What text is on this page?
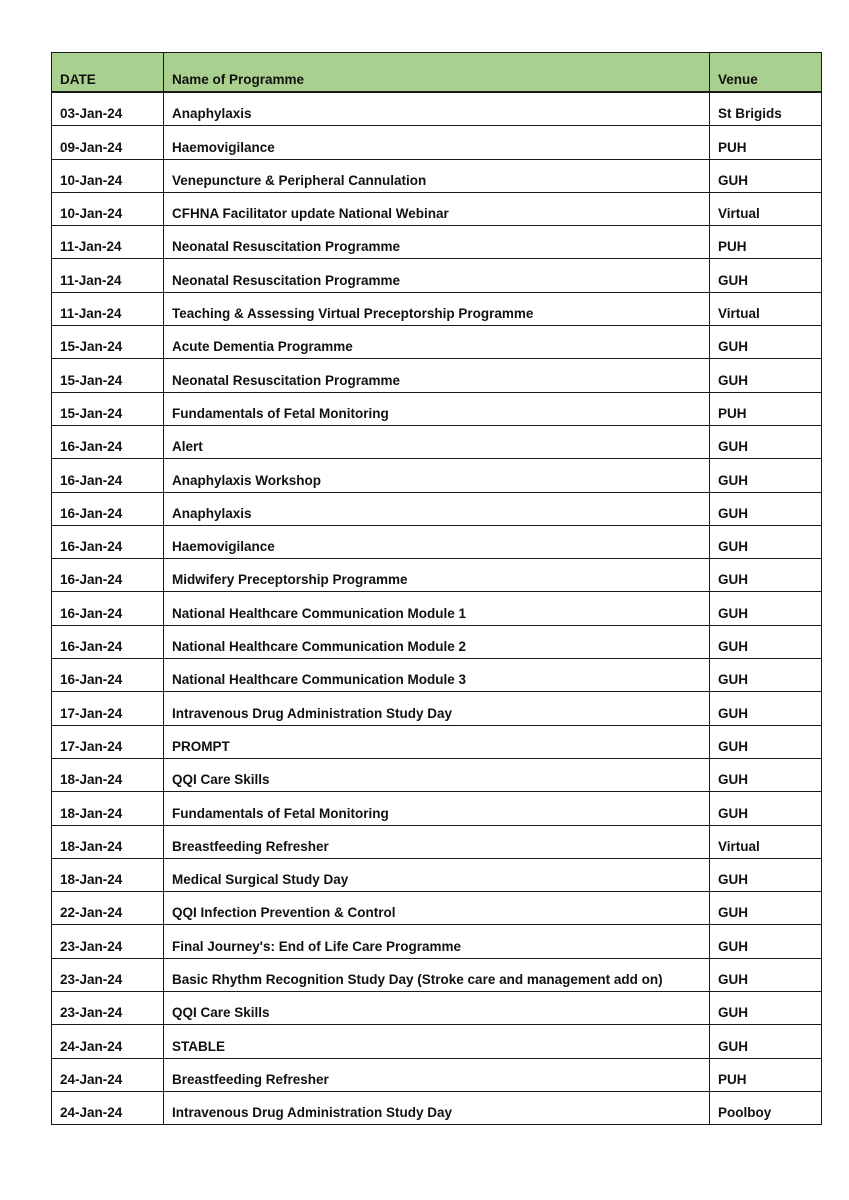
DATE	Name of Programme	Venue
03-Jan-24	Anaphylaxis	St Brigids
09-Jan-24	Haemovigilance	PUH
10-Jan-24	Venepuncture & Peripheral Cannulation	GUH
10-Jan-24	CFHNA Facilitator update National Webinar	Virtual
11-Jan-24	Neonatal Resuscitation Programme	PUH
11-Jan-24	Neonatal Resuscitation Programme	GUH
11-Jan-24	Teaching & Assessing Virtual Preceptorship Programme	Virtual
15-Jan-24	Acute Dementia Programme	GUH
15-Jan-24	Neonatal Resuscitation Programme	GUH
15-Jan-24	Fundamentals of Fetal Monitoring	PUH
16-Jan-24	Alert	GUH
16-Jan-24	Anaphylaxis Workshop	GUH
16-Jan-24	Anaphylaxis	GUH
16-Jan-24	Haemovigilance	GUH
16-Jan-24	Midwifery Preceptorship Programme	GUH
16-Jan-24	National Healthcare Communication Module 1	GUH
16-Jan-24	National Healthcare Communication Module 2	GUH
16-Jan-24	National Healthcare Communication Module 3	GUH
17-Jan-24	Intravenous Drug Administration Study Day	GUH
17-Jan-24	PROMPT	GUH
18-Jan-24	QQI Care Skills	GUH
18-Jan-24	Fundamentals of Fetal Monitoring	GUH
18-Jan-24	Breastfeeding Refresher	Virtual
18-Jan-24	Medical Surgical Study Day	GUH
22-Jan-24	QQI Infection Prevention & Control	GUH
23-Jan-24	Final Journey's: End of Life Care Programme	GUH
23-Jan-24	Basic Rhythm Recognition Study Day (Stroke care and management add on)	GUH
23-Jan-24	QQI Care Skills	GUH
24-Jan-24	STABLE	GUH
24-Jan-24	Breastfeeding Refresher	PUH
24-Jan-24	Intravenous Drug Administration Study Day	Poolboy
